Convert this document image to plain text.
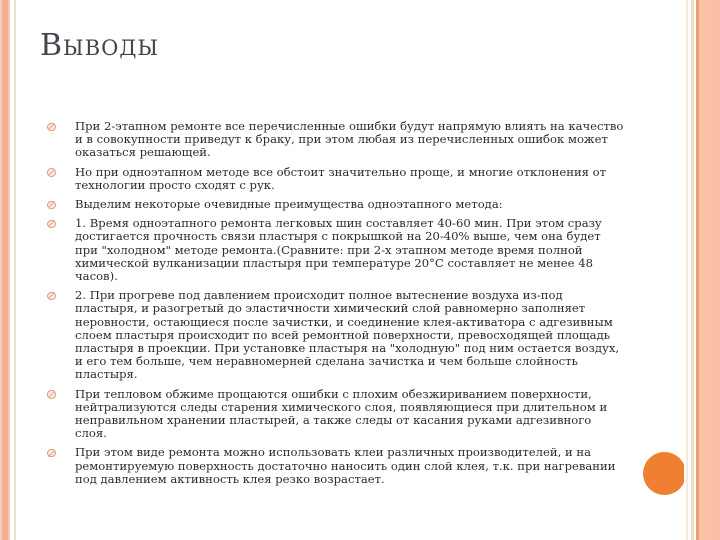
Выводы
При 2-этапном ремонте все перечисленные ошибки будут напрямую влиять на качество и в совокупности приведут к браку, при этом любая из перечисленных ошибок может оказаться решающей.
Но при одноэтапном методе все обстоит значительно проще, и многие отклонения от технологии просто сходят с рук.
Выделим некоторые очевидные преимущества одноэтапного метода:
1. Время одноэтапного ремонта легковых шин составляет 40-60 мин. При этом сразу достигается прочность связи пластыря с покрышкой на 20-40% выше, чем она будет при "холодном" методе ремонта.(Сравните: при 2-х этапном методе время полной химической вулканизации пластыря при температуре 20°С составляет не менее 48 часов).
2. При прогреве под давлением происходит полное вытеснение воздуха из-под пластыря, и разогретый до эластичности химический слой равномерно заполняет неровности, остающиеся после зачистки, и соединение клея-активатора с адгезивным слоем пластыря происходит по всей ремонтной поверхности, превосходящей площадь пластыря в проекции. При установке пластыря на "холодную" под ним остается воздух, и его тем больше, чем неравномерней сделана зачистка и чем больше слойность пластыря.
При тепловом обжиме прощаются ошибки с плохим обезжириванием поверхности, нейтрализуются следы старения химического слоя, появляющиеся при длительном и неправильном хранении пластырей, а также следы от касания руками адгезивного слоя.
При этом виде ремонта можно использовать клеи различных производителей, и на ремонтируемую поверхность достаточно наносить один слой клея, т.к. при нагревании под давлением активность клея резко возрастает.
